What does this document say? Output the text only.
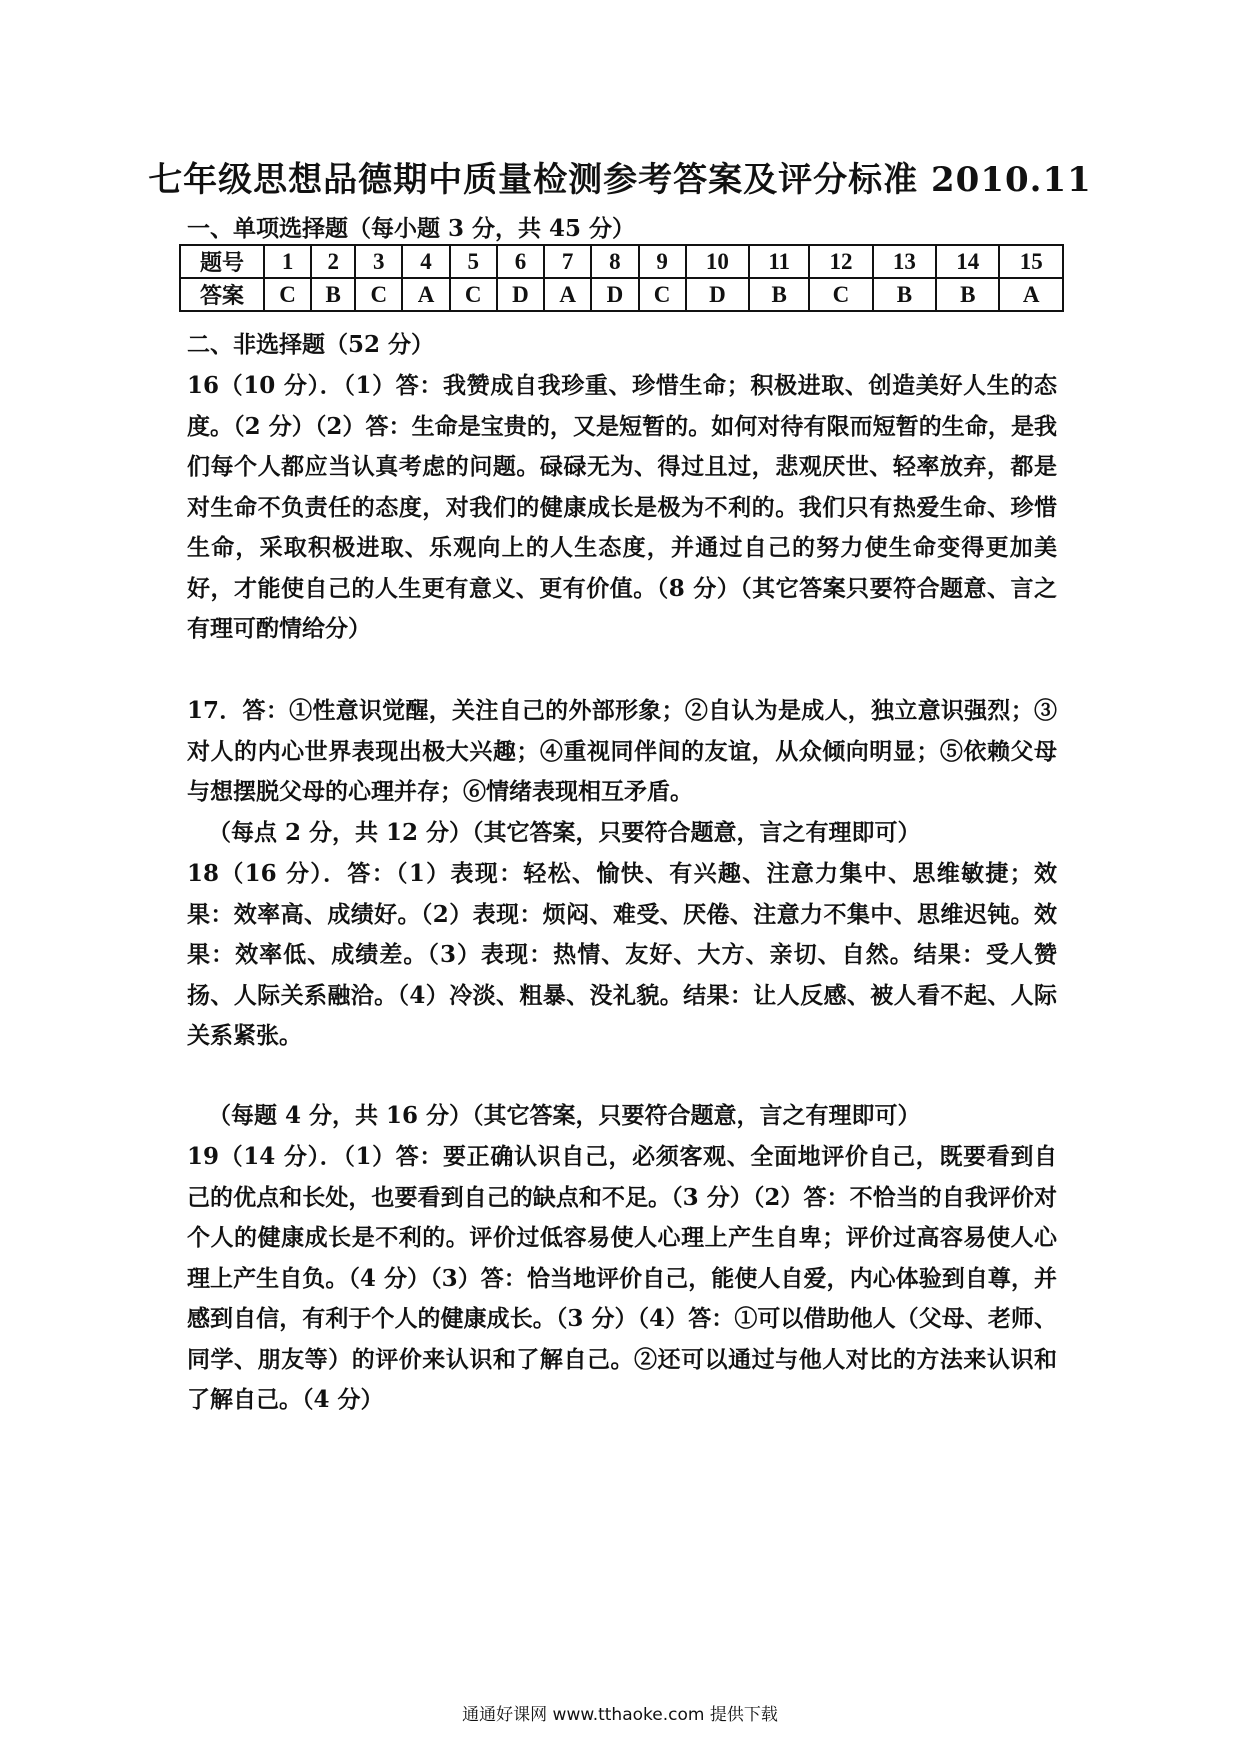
七年级思想品德期中质量检测参考答案及评分标准 2010.11
一、单项选择题（每小题 3 分，共 45 分）
题号	1	2	3	4	5	6	7	8	9	10	11	12	13	14	15
答案	C	B	C	A	C	D	A	D	C	D	B	C	B	B	A
二、非选择题（52 分）
16（10 分）．（1）答：我赞成自我珍重、珍惜生命；积极进取、创造美好人生的态度。（2 分）（2）答：生命是宝贵的，又是短暂的。如何对待有限而短暂的生命，是我们每个人都应当认真考虑的问题。碌碌无为、得过且过，悲观厌世、轻率放弃，都是对生命不负责任的态度，对我们的健康成长是极为不利的。我们只有热爱生命、珍惜生命，采取积极进取、乐观向上的人生态度，并通过自己的努力使生命变得更加美好，才能使自己的人生更有意义、更有价值。（8 分）（其它答案只要符合题意、言之有理可酌情给分）
17．答：①性意识觉醒，关注自己的外部形象；②自认为是成人，独立意识强烈；③对人的内心世界表现出极大兴趣；④重视同伴间的友谊，从众倾向明显；⑤依赖父母与想摆脱父母的心理并存；⑥情绪表现相互矛盾。
（每点 2 分，共 12 分）（其它答案，只要符合题意，言之有理即可）
18（16 分）．答：（1）表现：轻松、愉快、有兴趣、注意力集中、思维敏捷；效果：效率高、成绩好。（2）表现：烦闷、难受、厌倦、注意力不集中、思维迟钝。效果：效率低、成绩差。（3）表现：热情、友好、大方、亲切、自然。结果：受人赞扬、人际关系融洽。（4）冷淡、粗暴、没礼貌。结果：让人反感、被人看不起、人际关系紧张。
（每题 4 分，共 16 分）（其它答案，只要符合题意，言之有理即可）
19（14 分）．（1）答：要正确认识自己，必须客观、全面地评价自己，既要看到自己的优点和长处，也要看到自己的缺点和不足。（3 分）（2）答：不恰当的自我评价对个人的健康成长是不利的。评价过低容易使人心理上产生自卑；评价过高容易使人心理上产生自负。（4 分）（3）答：恰当地评价自己，能使人自爱，内心体验到自尊，并感到自信，有利于个人的健康成长。（3 分）（4）答：①可以借助他人（父母、老师、同学、朋友等）的评价来认识和了解自己。②还可以通过与他人对比的方法来认识和了解自己。（4 分）
通通好课网 www.tthaoke.com 提供下载
